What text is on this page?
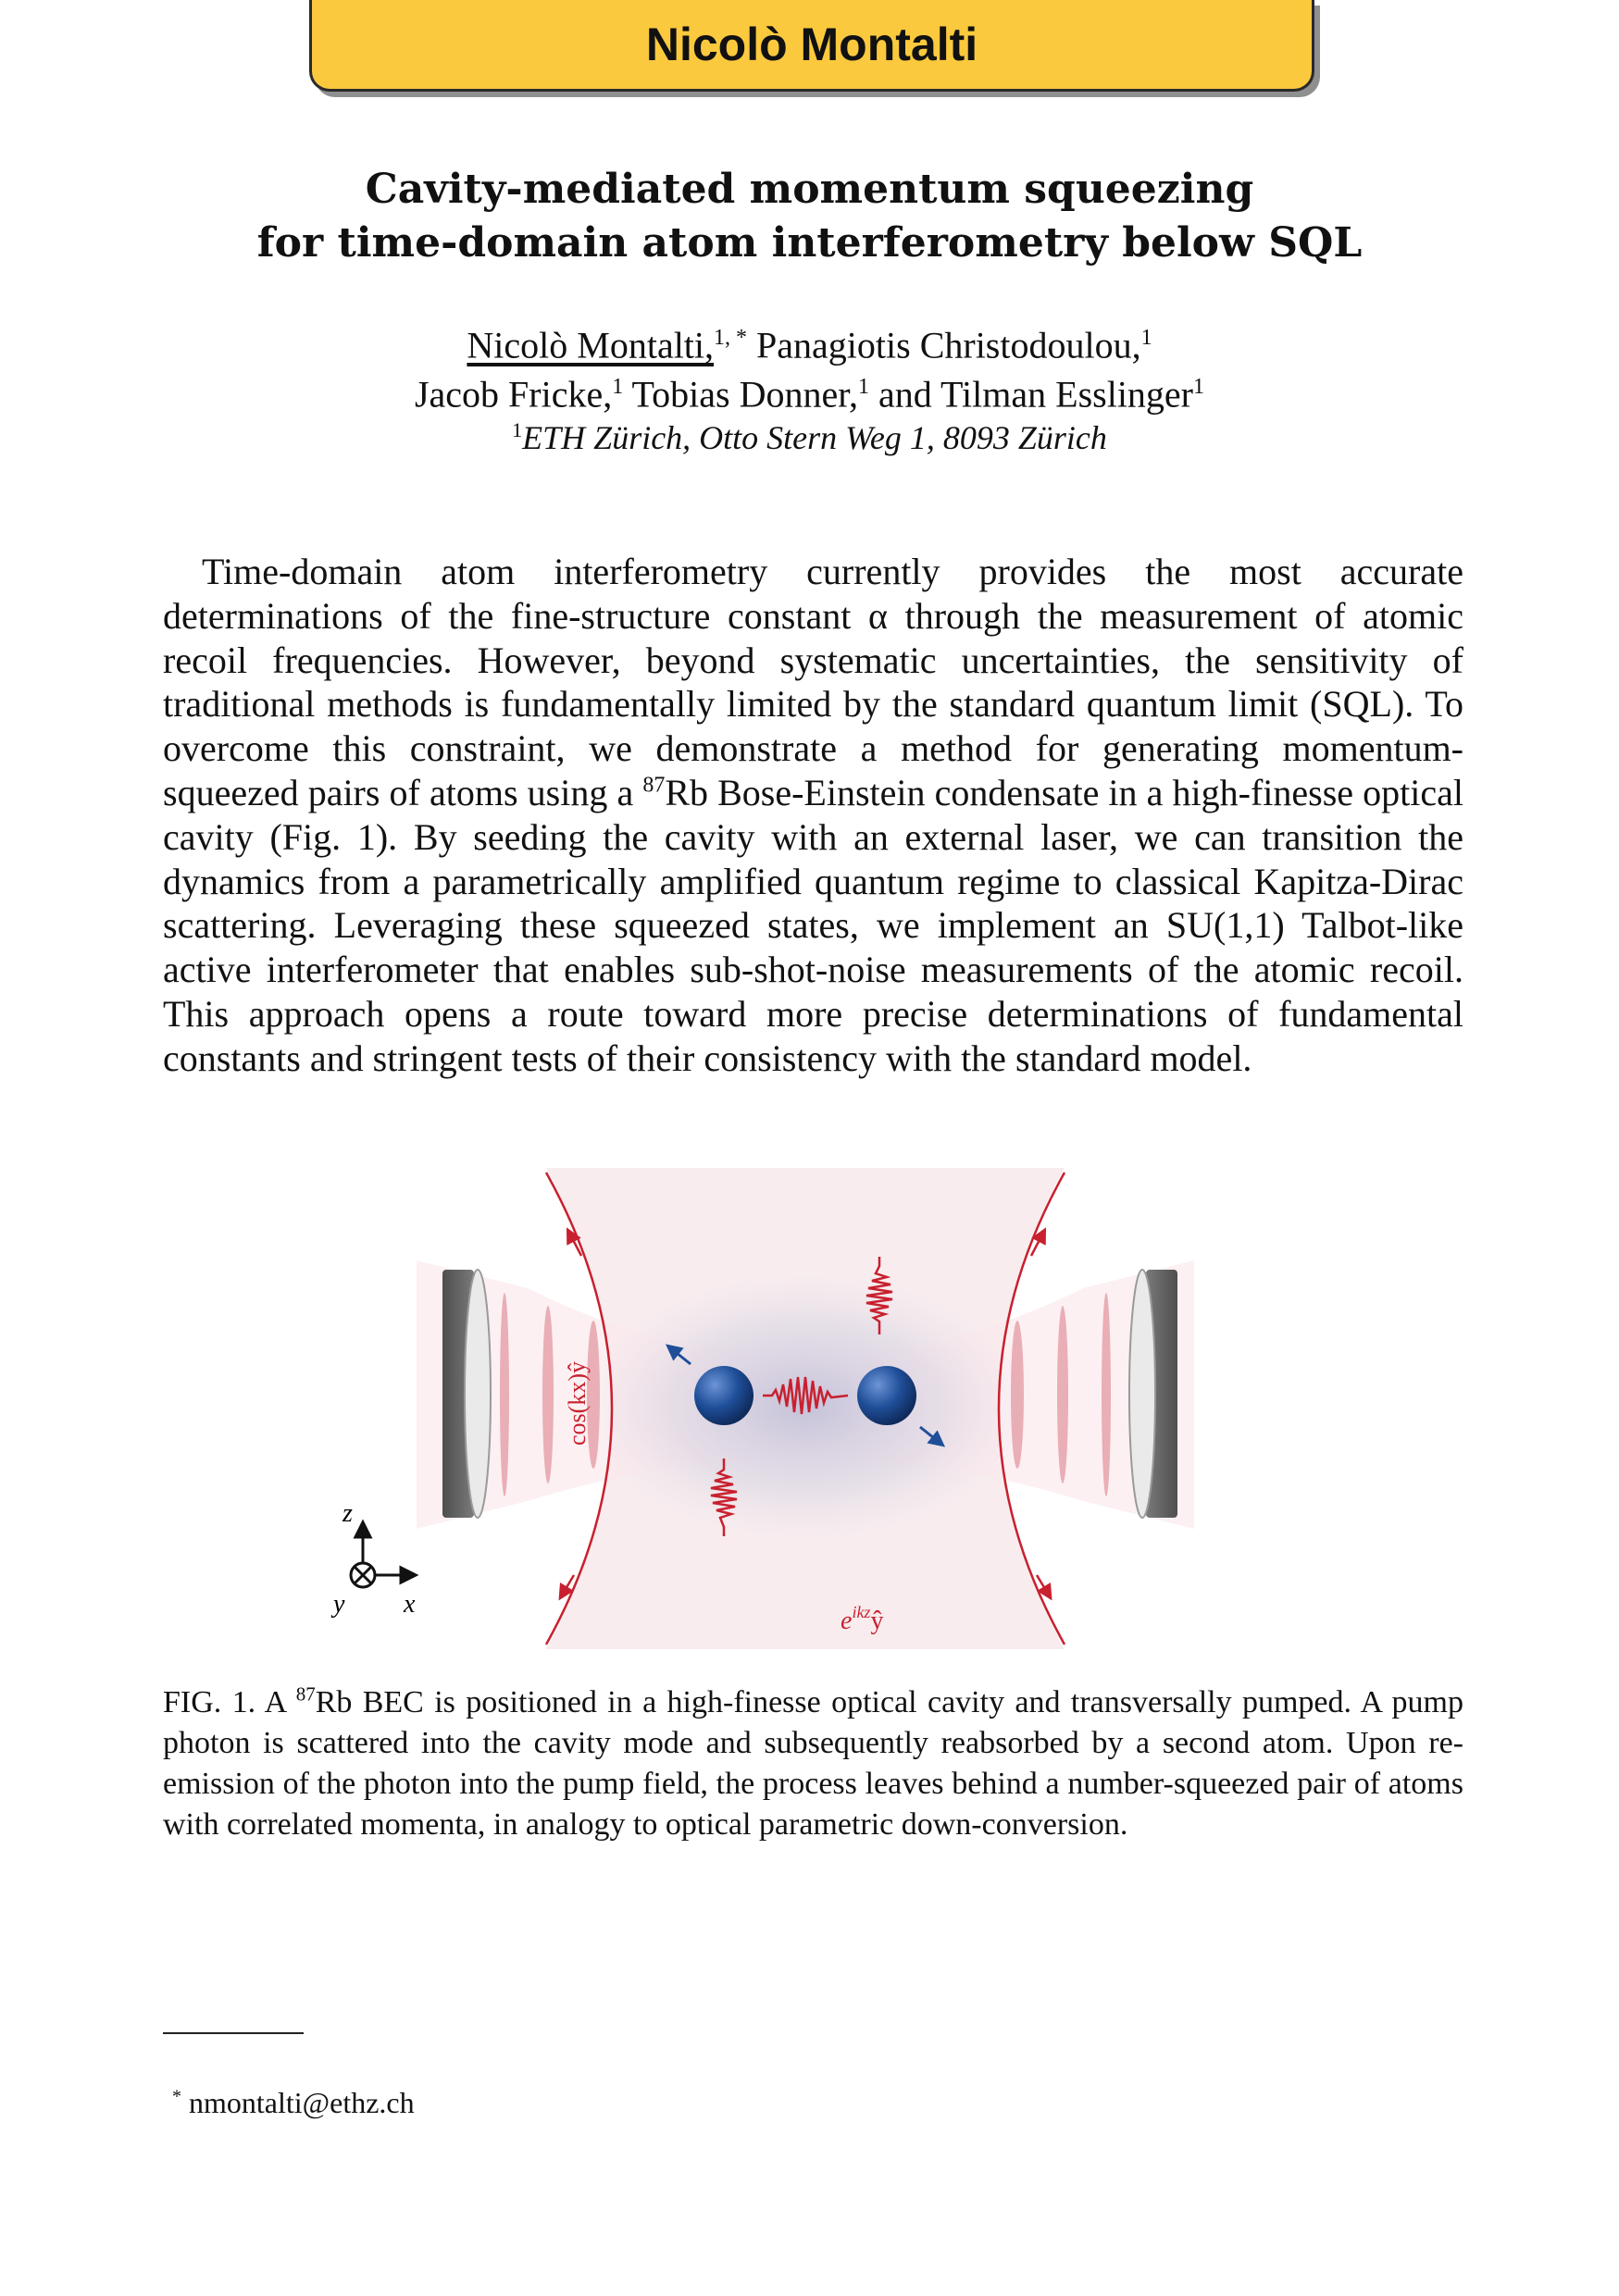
Nicolò Montalti
Cavity-mediated momentum squeezing
for time-domain atom interferometry below SQL
Nicolò Montalti,$^{1, *}$ Panagiotis Christodoulou,$^1$
Jacob Fricke,$^1$ Tobias Donner,$^1$ and Tilman Esslinger$^1$
$^1$ETH Zürich, Otto Stern Weg 1, 8093 Zürich

Time-domain atom interferometry currently provides the most accurate determinations of the fine-structure constant α through the measurement of atomic recoil frequencies. However, beyond systematic uncertainties, the sensitivity of traditional methods is fundamentally limited by the standard quantum limit (SQL). To overcome this constraint, we demonstrate a method for generating momentum-squeezed pairs of atoms using a $^{87}$Rb Bose-Einstein condensate in a high-finesse optical cavity (Fig. 1). By seeding the cavity with an external laser, we can transition the dynamics from a parametrically amplified quantum regime to classical Kapitza-Dirac scattering. Leveraging these squeezed states, we implement an SU(1,1) Talbot-like active interferometer that enables sub-shot-noise measurements of the atomic recoil. This approach opens a route toward more precise determinations of fundamental constants and stringent tests of their consistency with the standard model.

cos(kx)ŷ
$e^{ikz}ŷ$
z
y x

FIG. 1. A $^{87}$Rb BEC is positioned in a high-finesse optical cavity and transversally pumped. A pump photon is scattered into the cavity mode and subsequently reabsorbed by a second atom. Upon re-emission of the photon into the pump field, the process leaves behind a number-squeezed pair of atoms with correlated momenta, in analogy to optical parametric down-conversion.

* nmontalti@ethz.ch
